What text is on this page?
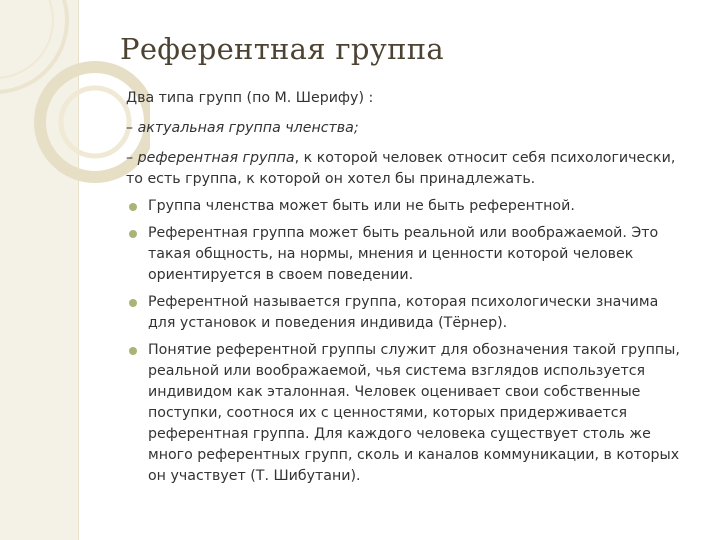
Референтная группа
Два типа групп (по М. Шерифу) :
– актуальная группа членства;
– референтная группа, к которой человек относит себя психологически,
то есть группа, к которой он хотел бы принадлежать.
Группа членства может быть или не быть референтной.
Референтная группа может быть реальной или воображаемой. Это
такая общность, на нормы, мнения и ценности которой человек
ориентируется в своем поведении.
Референтной называется группа, которая психологически значима
для установок и поведения индивида (Тёрнер).
Понятие референтной группы служит для обозначения такой группы,
реальной или воображаемой, чья система взглядов используется
индивидом как эталонная. Человек оценивает свои собственные
поступки, соотнося их с ценностями, которых придерживается
референтная группа. Для каждого человека существует столь же
много референтных групп, сколь и каналов коммуникации, в которых
он участвует (Т. Шибутани).
